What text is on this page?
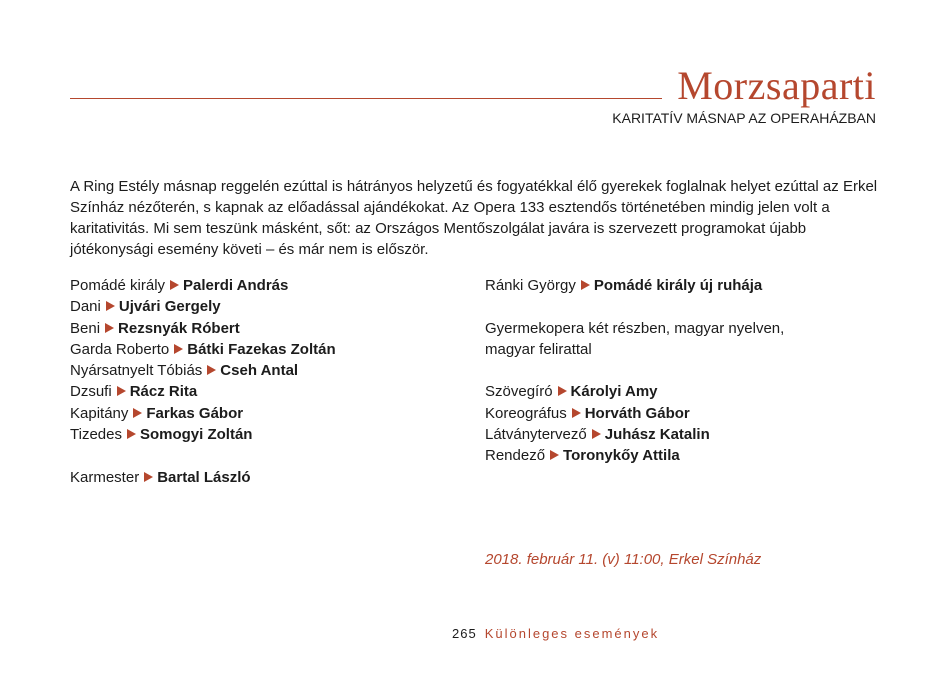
Morzsaparti
KARITATÍV MÁSNAP AZ OPERAHÁZBAN

A Ring Estély másnap reggelén ezúttal is hátrányos helyzetű és fogyatékkal élő gyerekek foglalnak helyet ezúttal az Erkel Színház nézőterén, s kapnak az előadással ajándékokat. Az Opera 133 esztendős történetében mindig jelen volt a karitativitás. Mi sem teszünk másként, sőt: az Országos Mentőszolgálat javára is szervezett programokat újabb jótékonysági esemény követi – és már nem is először.

Pomádé király Palerdi András
Dani Ujvári Gergely
Beni Rezsnyák Róbert
Garda Roberto Bátki Fazekas Zoltán
Nyársatnyelt Tóbiás Cseh Antal
Dzsufi Rácz Rita
Kapitány Farkas Gábor
Tizedes Somogyi Zoltán
Karmester Bartal László
Ránki György Pomádé király új ruhája
Gyermekopera két részben, magyar nyelven,
magyar felirattal
Szövegíró Károlyi Amy
Koreográfus Horváth Gábor
Látványtervező Juhász Katalin
Rendező Toronykőy Attila
2018. február 11. (v) 11:00, Erkel Színház
265 Különleges események
